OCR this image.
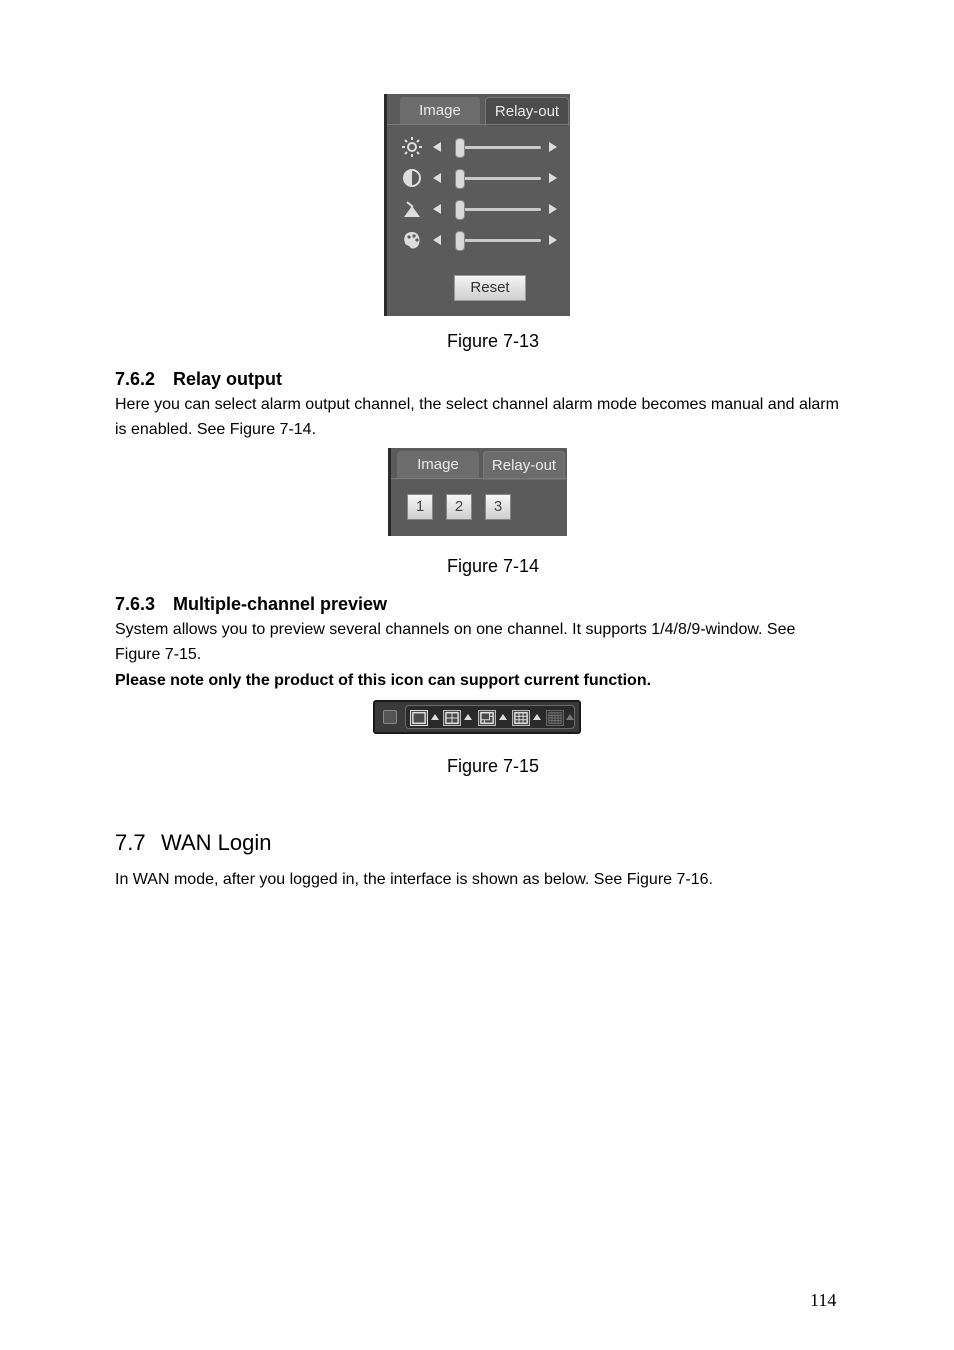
Image	Relay-out
Reset
Figure 7-13
7.6.2 Relay output
Here you can select alarm output channel, the select channel alarm mode becomes manual and alarm is enabled. See Figure 7-14.
Image	Relay-out
1	2	3
Figure 7-14
7.6.3 Multiple-channel preview
System allows you to preview several channels on one channel. It supports 1/4/8/9-window. See Figure 7-15.
Please note only the product of this icon can support current function.
Figure 7-15
7.7 WAN Login
In WAN mode, after you logged in, the interface is shown as below. See Figure 7-16.
114
